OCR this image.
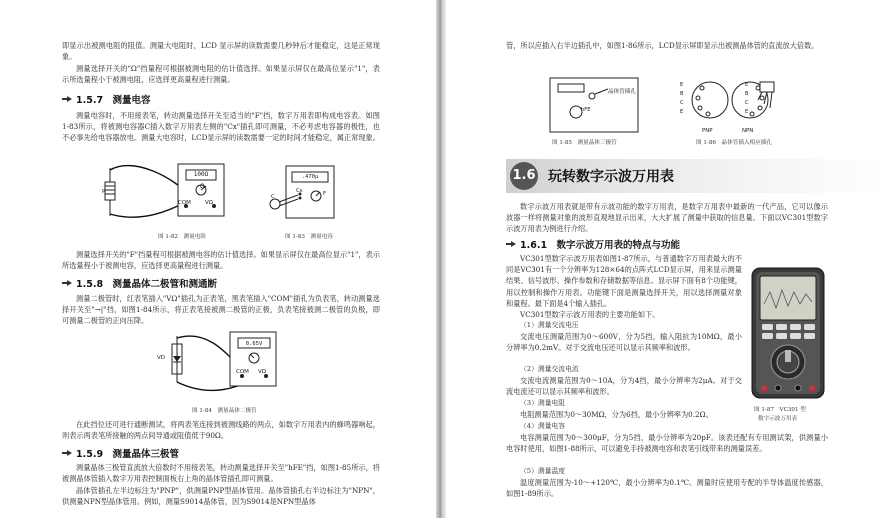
即显示出被测电阻的阻值。测量大电阻时，LCD 显示屏的读数需要几秒钟后才能稳定，这是正常现象。
测量选择开关的"Ω"挡量程可根据被测电阻的估计值选择。如果显示屏仅在最高位显示"1"，表示所选量程小于被测电阻，应选择更高量程进行测量。
1.5.7　测量电容
测量电容时，不用接表笔，转动测量选择开关至适当的"F"挡，数字万用表即构成电容表。如图1-83所示，将被测电容器C插入数字万用表左侧的"Cx"插孔即可测量，不必考虑电容器的极性，也不必事先给电容器放电。测量大电容时，LCD显示屏的读数需要一定的时间才能稳定，属正常现象。
100Ω
Ω
COM	VΩ
R
.470μ
Cx	F
C
图 1-82　测量电阻	图 1-83　测量电容
测量选择开关的"F"挡量程可根据被测电容的估计值选择。如果显示屏仅在最高位显示"1"，表示所选量程小于被测电容，应选择更高量程进行测量。
1.5.8　测量晶体二极管和测通断
测量二极管时，红表笔插入"VΩ"插孔为正表笔，黑表笔插入"COM"插孔为负表笔，转动测量选择开关至"→|"挡，如图1-84所示，将正表笔接被测二极管的正极，负表笔接被测二极管的负极，即可测量二极管的正向压降。
0.65V
COM VΩ
VD
图 1-84　测量晶体二极管
在此挡位还可进行通断测试，将两表笔连接到被测线路的两点，如数字万用表内的蜂鸣器响起，则表示两表笔所接触的两点间导通或阻值低于90Ω。
1.5.9　测量晶体三极管
测量晶体三极管直流放大倍数时不用接表笔，转动测量选择开关至"hFE"挡，如图1-85所示，将被测晶体管插入数字万用表控制面板右上角的晶体管插孔即可测量。
晶体管插孔左半边标注为"PNP"，供测量PNP型晶体管用。晶体管插孔右半边标注为"NPN"，供测量NPN型晶体管用。例如，测量S9014晶体管，因为S9014是NPN型晶体
管，所以应插入右半边插孔中，如图1-86所示，LCD显示屏即显示出被测晶体管的直流放大倍数。
晶体管插孔
hFE
图 1-85　测量晶体三极管
E
B
C
E
E
B
C
E
PNP	NPN
图 1-86　晶体管插入相应插孔
1.6 玩转数字示波万用表
数字示波万用表就是带有示波功能的数字万用表，是数字万用表中最新的一代产品，它可以像示波器一样将测量对象的波形直观地显示出来，大大扩展了测量中获取的信息量。下面以VC301型数字示波万用表为例进行介绍。
1.6.1　数字示波万用表的特点与功能
VC301型数字示波万用表如图1-87所示，与普通数字万用表最大的不同是VC301有一个分辨率为128×64的点阵式LCD显示屏，用来显示测量结果、信号波形、操作参数和存储数据等信息。显示屏下面有8个功能键，用以控制和操作万用表。功能键下面是测量选择开关，用以选择测量对象和量程。最下面是4个输入插孔。
VC301型数字示波万用表的主要功能如下。
（1）测量交流电压
交流电压测量范围为0～600V，分为5挡，输入阻抗为10MΩ，最小分辨率为0.2mV。对于交流电压还可以显示其频率和波形。
（2）测量交流电流
交流电流测量范围为0～10A，分为4挡，最小分辨率为2μA。对于交流电流还可以显示其频率和波形。
（3）测量电阻
电阻测量范围为0～30MΩ，分为6挡，最小分辨率为0.2Ω。
（4）测量电容
电容测量范围为0～300μF，分为5挡，最小分辨率为20pF。该表还配有专用测试架，供测量小电容时使用，如图1-88所示，可以避免手持被测电容和表笔引线带来的测量误差。
（5）测量温度
温度测量范围为-10～+120℃，最小分辨率为0.1℃。测量时应使用专配的半导体温度传感器，如图1-89所示。
图 1-87　VC301 型
数字示波万用表
